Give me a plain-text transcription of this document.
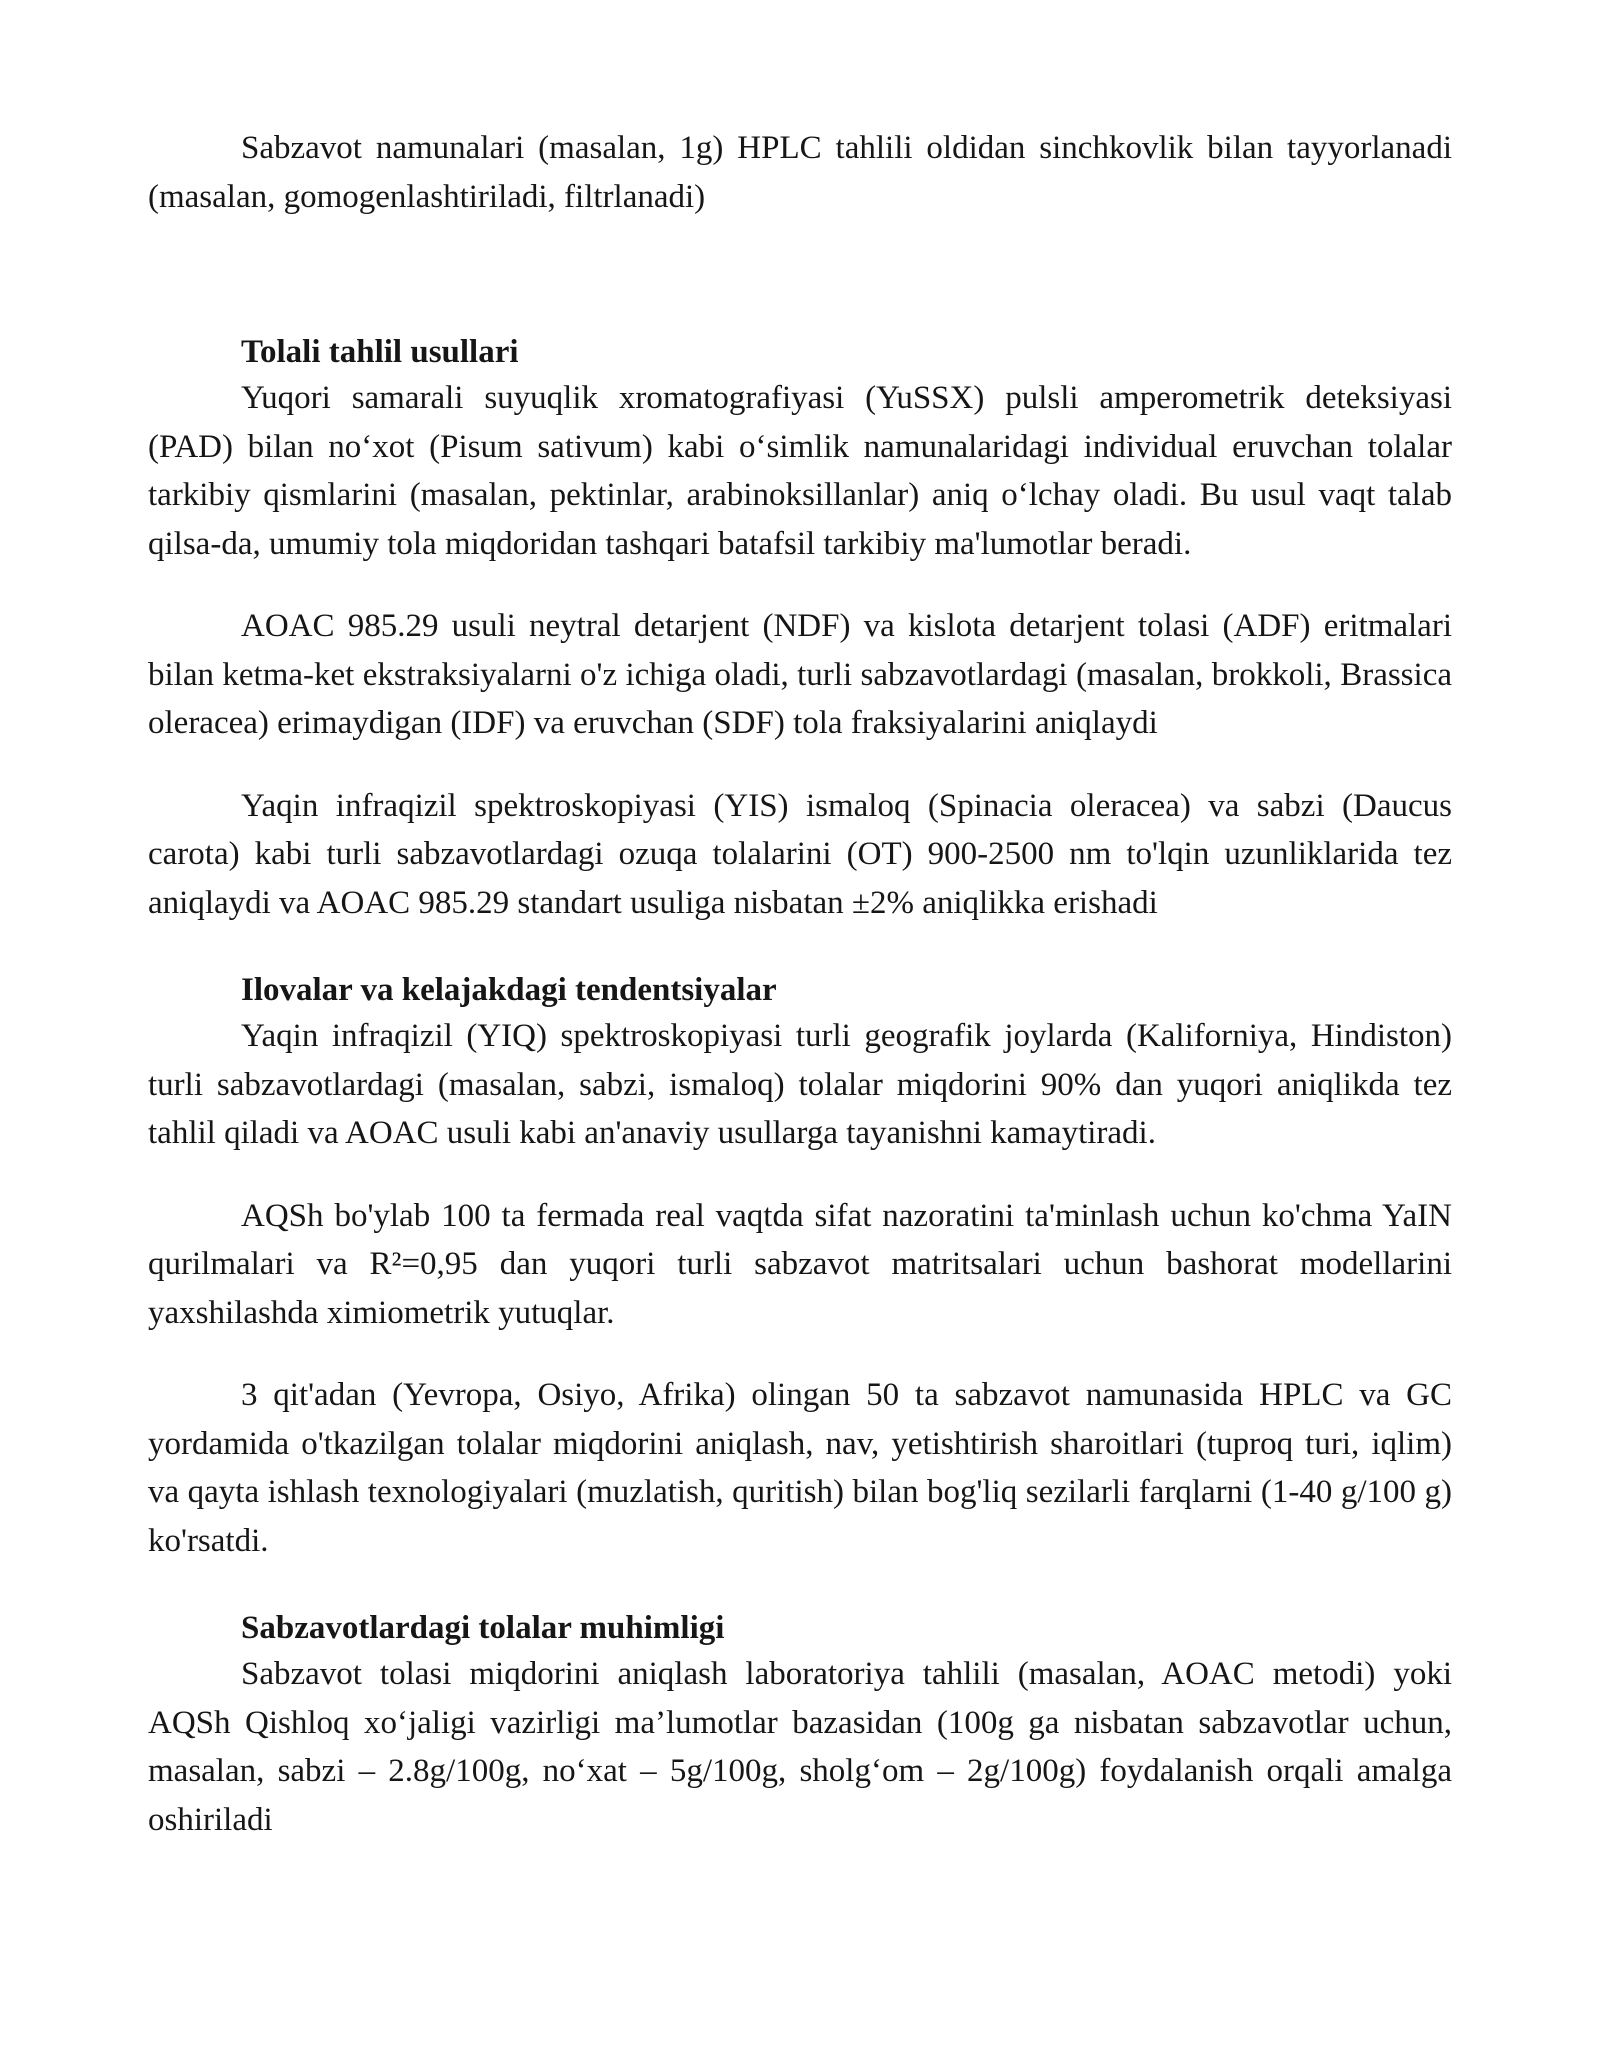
Sabzavot namunalari (masalan, 1g) HPLC tahlili oldidan sinchkovlik bilan tayyorlanadi (masalan, gomogenlashtiriladi, filtrlanadi)

Tolali tahlil usullari

Yuqori samarali suyuqlik xromatografiyasi (YuSSX) pulsli amperometrik deteksiyasi (PAD) bilan no‘xot (Pisum sativum) kabi o‘simlik namunalaridagi individual eruvchan tolalar tarkibiy qismlarini (masalan, pektinlar, arabinoksillanlar) aniq o‘lchay oladi. Bu usul vaqt talab qilsa-da, umumiy tola miqdoridan tashqari batafsil tarkibiy ma'lumotlar beradi.

AOAC 985.29 usuli neytral detarjent (NDF) va kislota detarjent tolasi (ADF) eritmalari bilan ketma-ket ekstraksiyalarni o'z ichiga oladi, turli sabzavotlardagi (masalan, brokkoli, Brassica oleracea) erimaydigan (IDF) va eruvchan (SDF) tola fraksiyalarini aniqlaydi

Yaqin infraqizil spektroskopiyasi (YIS) ismaloq (Spinacia oleracea) va sabzi (Daucus carota) kabi turli sabzavotlardagi ozuqa tolalarini (OT) 900-2500 nm to'lqin uzunliklarida tez aniqlaydi va AOAC 985.29 standart usuliga nisbatan ±2% aniqlikka erishadi

Ilovalar va kelajakdagi tendentsiyalar

Yaqin infraqizil (YIQ) spektroskopiyasi turli geografik joylarda (Kaliforniya, Hindiston) turli sabzavotlardagi (masalan, sabzi, ismaloq) tolalar miqdorini 90% dan yuqori aniqlikda tez tahlil qiladi va AOAC usuli kabi an'anaviy usullarga tayanishni kamaytiradi.

AQSh bo'ylab 100 ta fermada real vaqtda sifat nazoratini ta'minlash uchun ko'chma YaIN qurilmalari va R²=0,95 dan yuqori turli sabzavot matritsalari uchun bashorat modellarini yaxshilashda ximiometrik yutuqlar.

3 qit'adan (Yevropa, Osiyo, Afrika) olingan 50 ta sabzavot namunasida HPLC va GC yordamida o'tkazilgan tolalar miqdorini aniqlash, nav, yetishtirish sharoitlari (tuproq turi, iqlim) va qayta ishlash texnologiyalari (muzlatish, quritish) bilan bog'liq sezilarli farqlarni (1-40 g/100 g) ko'rsatdi.

Sabzavotlardagi tolalar muhimligi

Sabzavot tolasi miqdorini aniqlash laboratoriya tahlili (masalan, AOAC metodi) yoki AQSh Qishloq xo‘jaligi vazirligi ma’lumotlar bazasidan (100g ga nisbatan sabzavotlar uchun, masalan, sabzi – 2.8g/100g, no‘xat – 5g/100g, sholg‘om – 2g/100g) foydalanish orqali amalga oshiriladi
